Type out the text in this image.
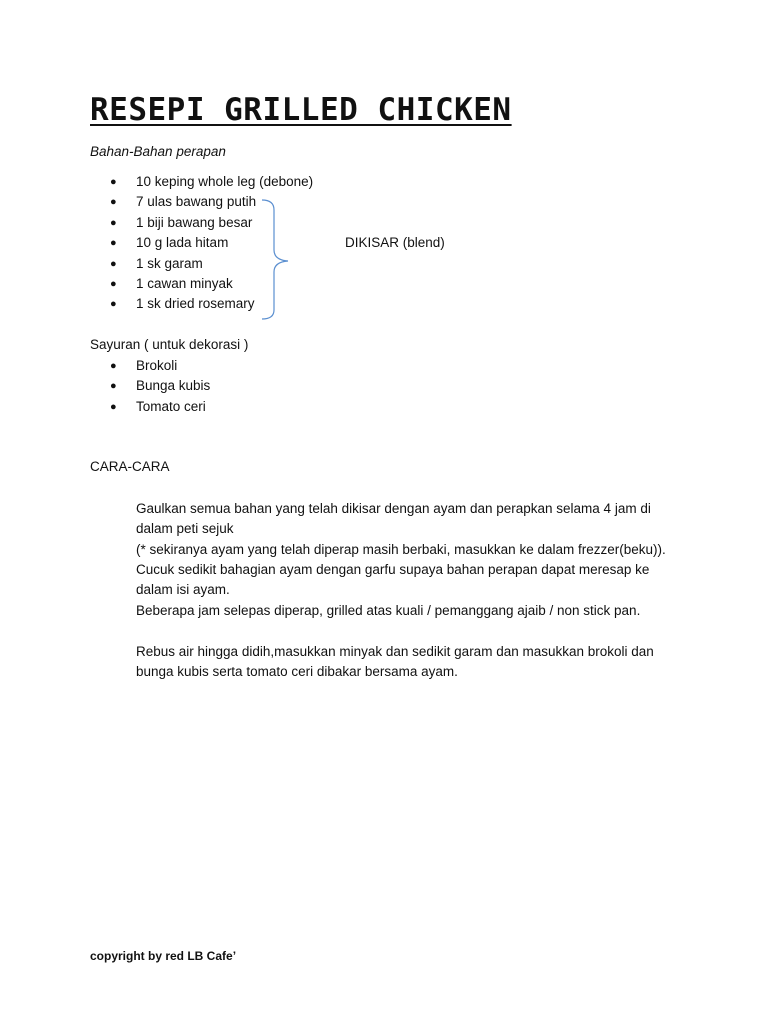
RESEPI GRILLED CHICKEN
Bahan-Bahan perapan
●	10 keping whole leg (debone)
●	7 ulas bawang putih
●	1 biji bawang besar
●	10 g lada hitam
●	1 sk garam
●	1 cawan minyak
●	1 sk dried rosemary
DIKISAR (blend)
Sayuran ( untuk dekorasi )
●	Brokoli
●	Bunga kubis
●	Tomato ceri
CARA-CARA
Gaulkan semua bahan yang telah dikisar dengan ayam dan perapkan selama 4 jam di
dalam peti sejuk
(* sekiranya ayam yang telah diperap masih berbaki, masukkan ke dalam frezzer(beku)).
Cucuk sedikit bahagian ayam dengan garfu supaya bahan perapan dapat meresap ke
dalam isi ayam.
Beberapa jam selepas diperap, grilled atas kuali / pemanggang ajaib / non stick pan.
Rebus air hingga didih,masukkan minyak dan sedikit garam dan masukkan brokoli dan
bunga kubis serta tomato ceri dibakar bersama ayam.
copyright by red LB Cafe’
